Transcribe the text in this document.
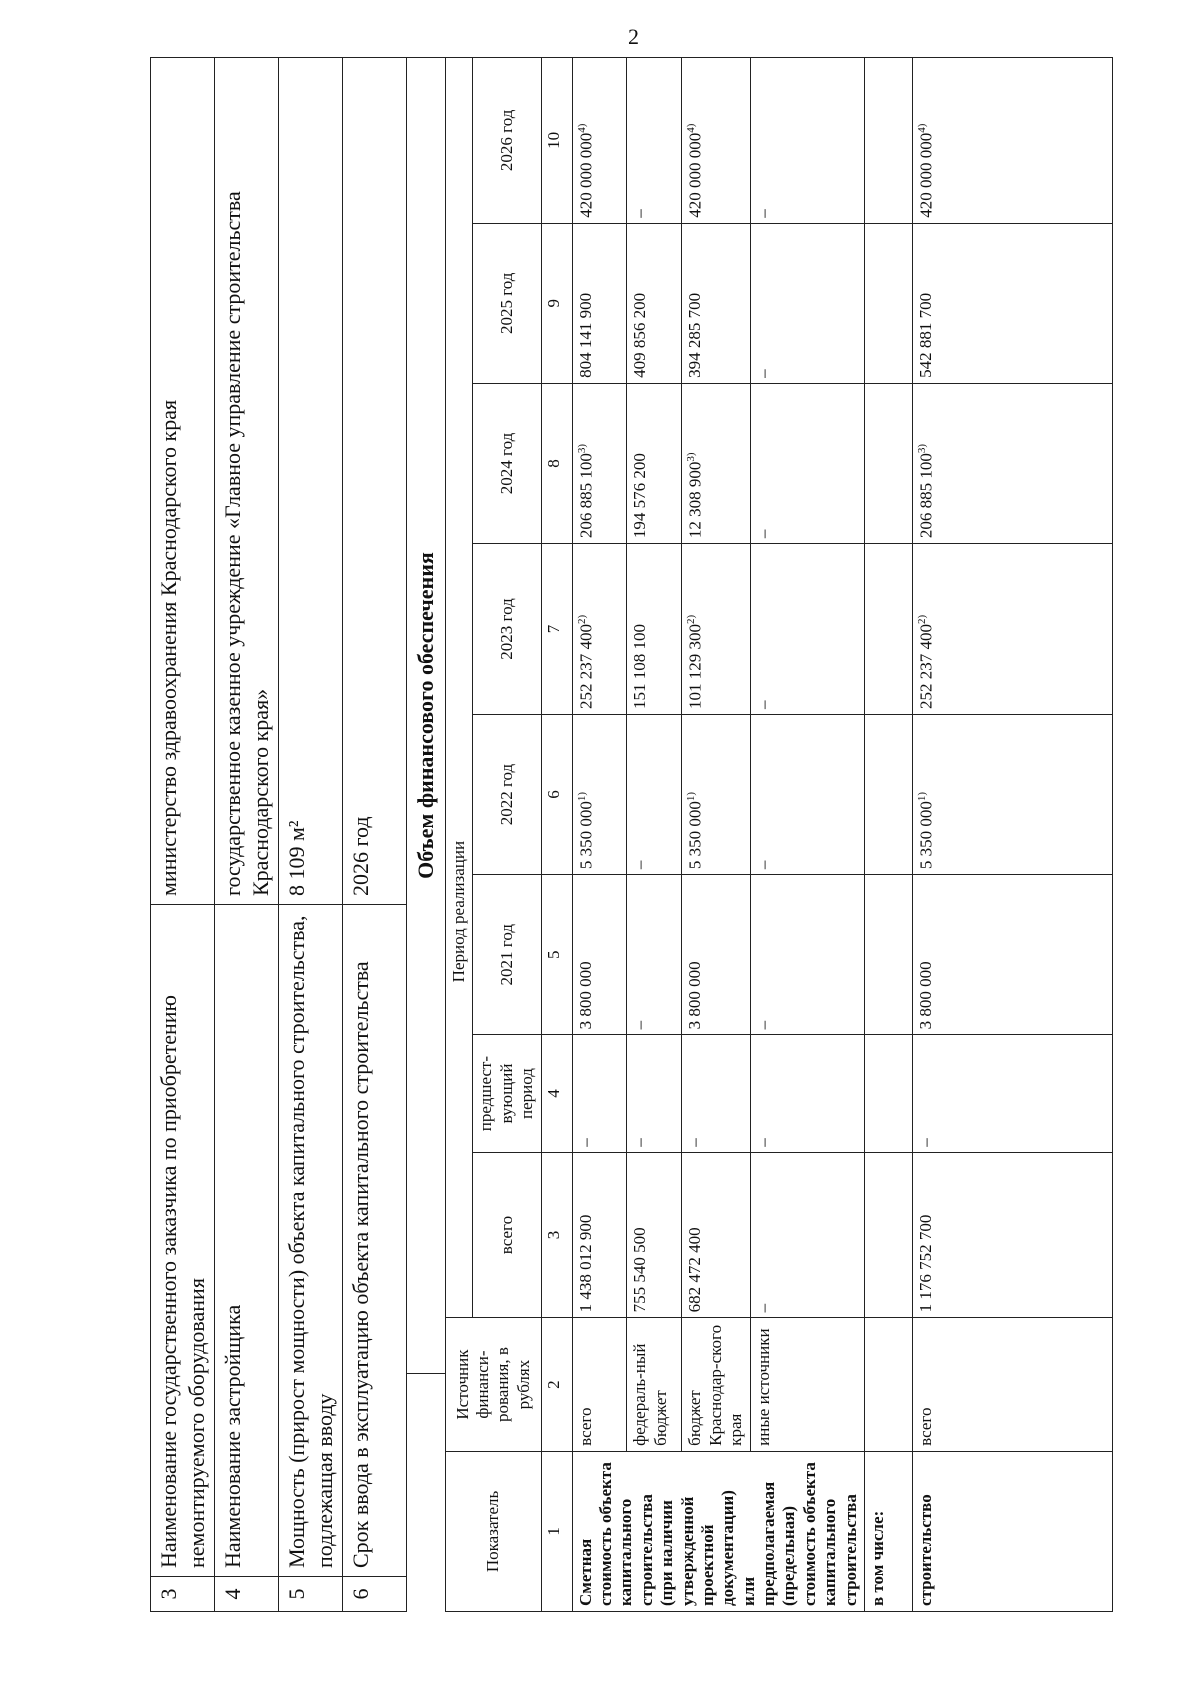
2
3	Наименование государственного заказчика по приобретению немонтируемого оборудования	министерство здравоохранения Краснодарского края
4	Наименование застройщика	государственное казенное учреждение «Главное управление строительства Краснодарского края»
5	Мощность (прирост мощности) объекта капитального строительства, подлежащая вводу	8 109 м²
6	Срок ввода в эксплуатацию объекта капитального строительства	2026 год Объем финансового обеспечения
Показатель	Источник финанси-рования, в рублях	Период реализации							

		всего	предшест-вующий период	2021 год	2022 год	2023 год	2024 год	2025 год	2026 год
1	2	3	4	5	6	7	8	9	10
Сметная стоимость объекта капитального строительства (при наличии утвержденной проектной документации) или предполагаемая (предельная) стоимость объекта капитального строительства	всего	1 438 012 900	–	3 800 000	5 350 000$^{1)}$	252 237 400$^{2)}$	206 885 100$^{3)}$	804 141 900	420 000 000$^{4)}$
	федераль-ный бюджет	755 540 500	–	–	–	151 108 100	194 576 200	409 856 200	–
	бюджет Краснодар-ского края	682 472 400	–	3 800 000	5 350 000$^{1)}$	101 129 300$^{2)}$	12 308 900$^{3)}$	394 285 700	420 000 000$^{4)}$
	иные источники	–	–	–	–	–	–	–	–
в том числе:									
строительство	всего	1 176 752 700	–	3 800 000	5 350 000$^{1)}$	252 237 400$^{2)}$	206 885 100$^{3)}$	542 881 700	420 000 000$^{4)}$
